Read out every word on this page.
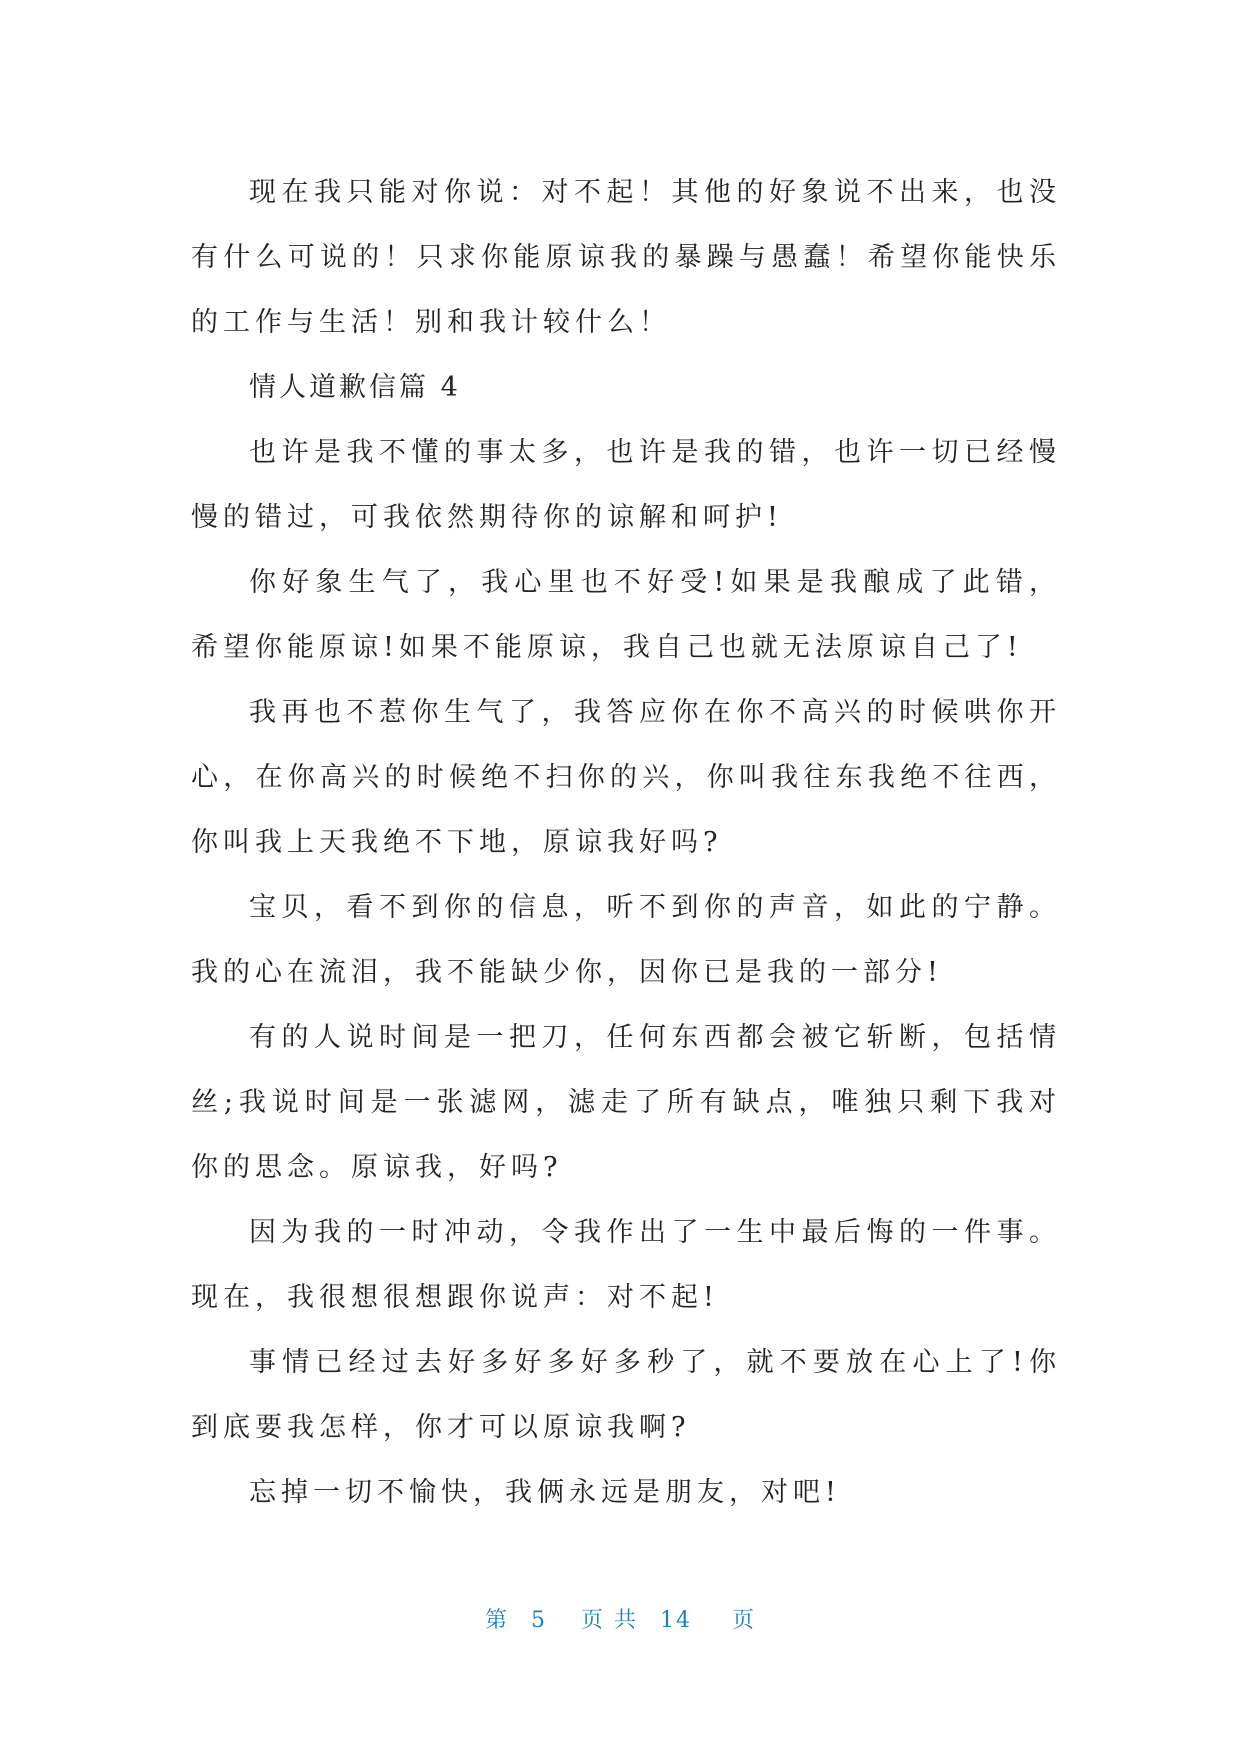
现在我只能对你说：对不起！其他的好象说不出来，也没有什么可说的！只求你能原谅我的暴躁与愚蠢！希望你能快乐的工作与生活！别和我计较什么！

情人道歉信篇 4

也许是我不懂的事太多，也许是我的错，也许一切已经慢慢的错过，可我依然期待你的谅解和呵护!

你好象生气了，我心里也不好受!如果是我酿成了此错，希望你能原谅!如果不能原谅，我自己也就无法原谅自己了!

我再也不惹你生气了，我答应你在你不高兴的时候哄你开心，在你高兴的时候绝不扫你的兴，你叫我往东我绝不往西，你叫我上天我绝不下地，原谅我好吗?

宝贝，看不到你的信息，听不到你的声音，如此的宁静。我的心在流泪，我不能缺少你，因你已是我的一部分!

有的人说时间是一把刀，任何东西都会被它斩断，包括情丝;我说时间是一张滤网，滤走了所有缺点，唯独只剩下我对你的思念。原谅我，好吗?

因为我的一时冲动，令我作出了一生中最后悔的一件事。现在，我很想很想跟你说声：对不起!

事情已经过去好多好多好多秒了，就不要放在心上了!你到底要我怎样，你才可以原谅我啊?

忘掉一切不愉快，我俩永远是朋友，对吧!

第 5 页 共 14 页
